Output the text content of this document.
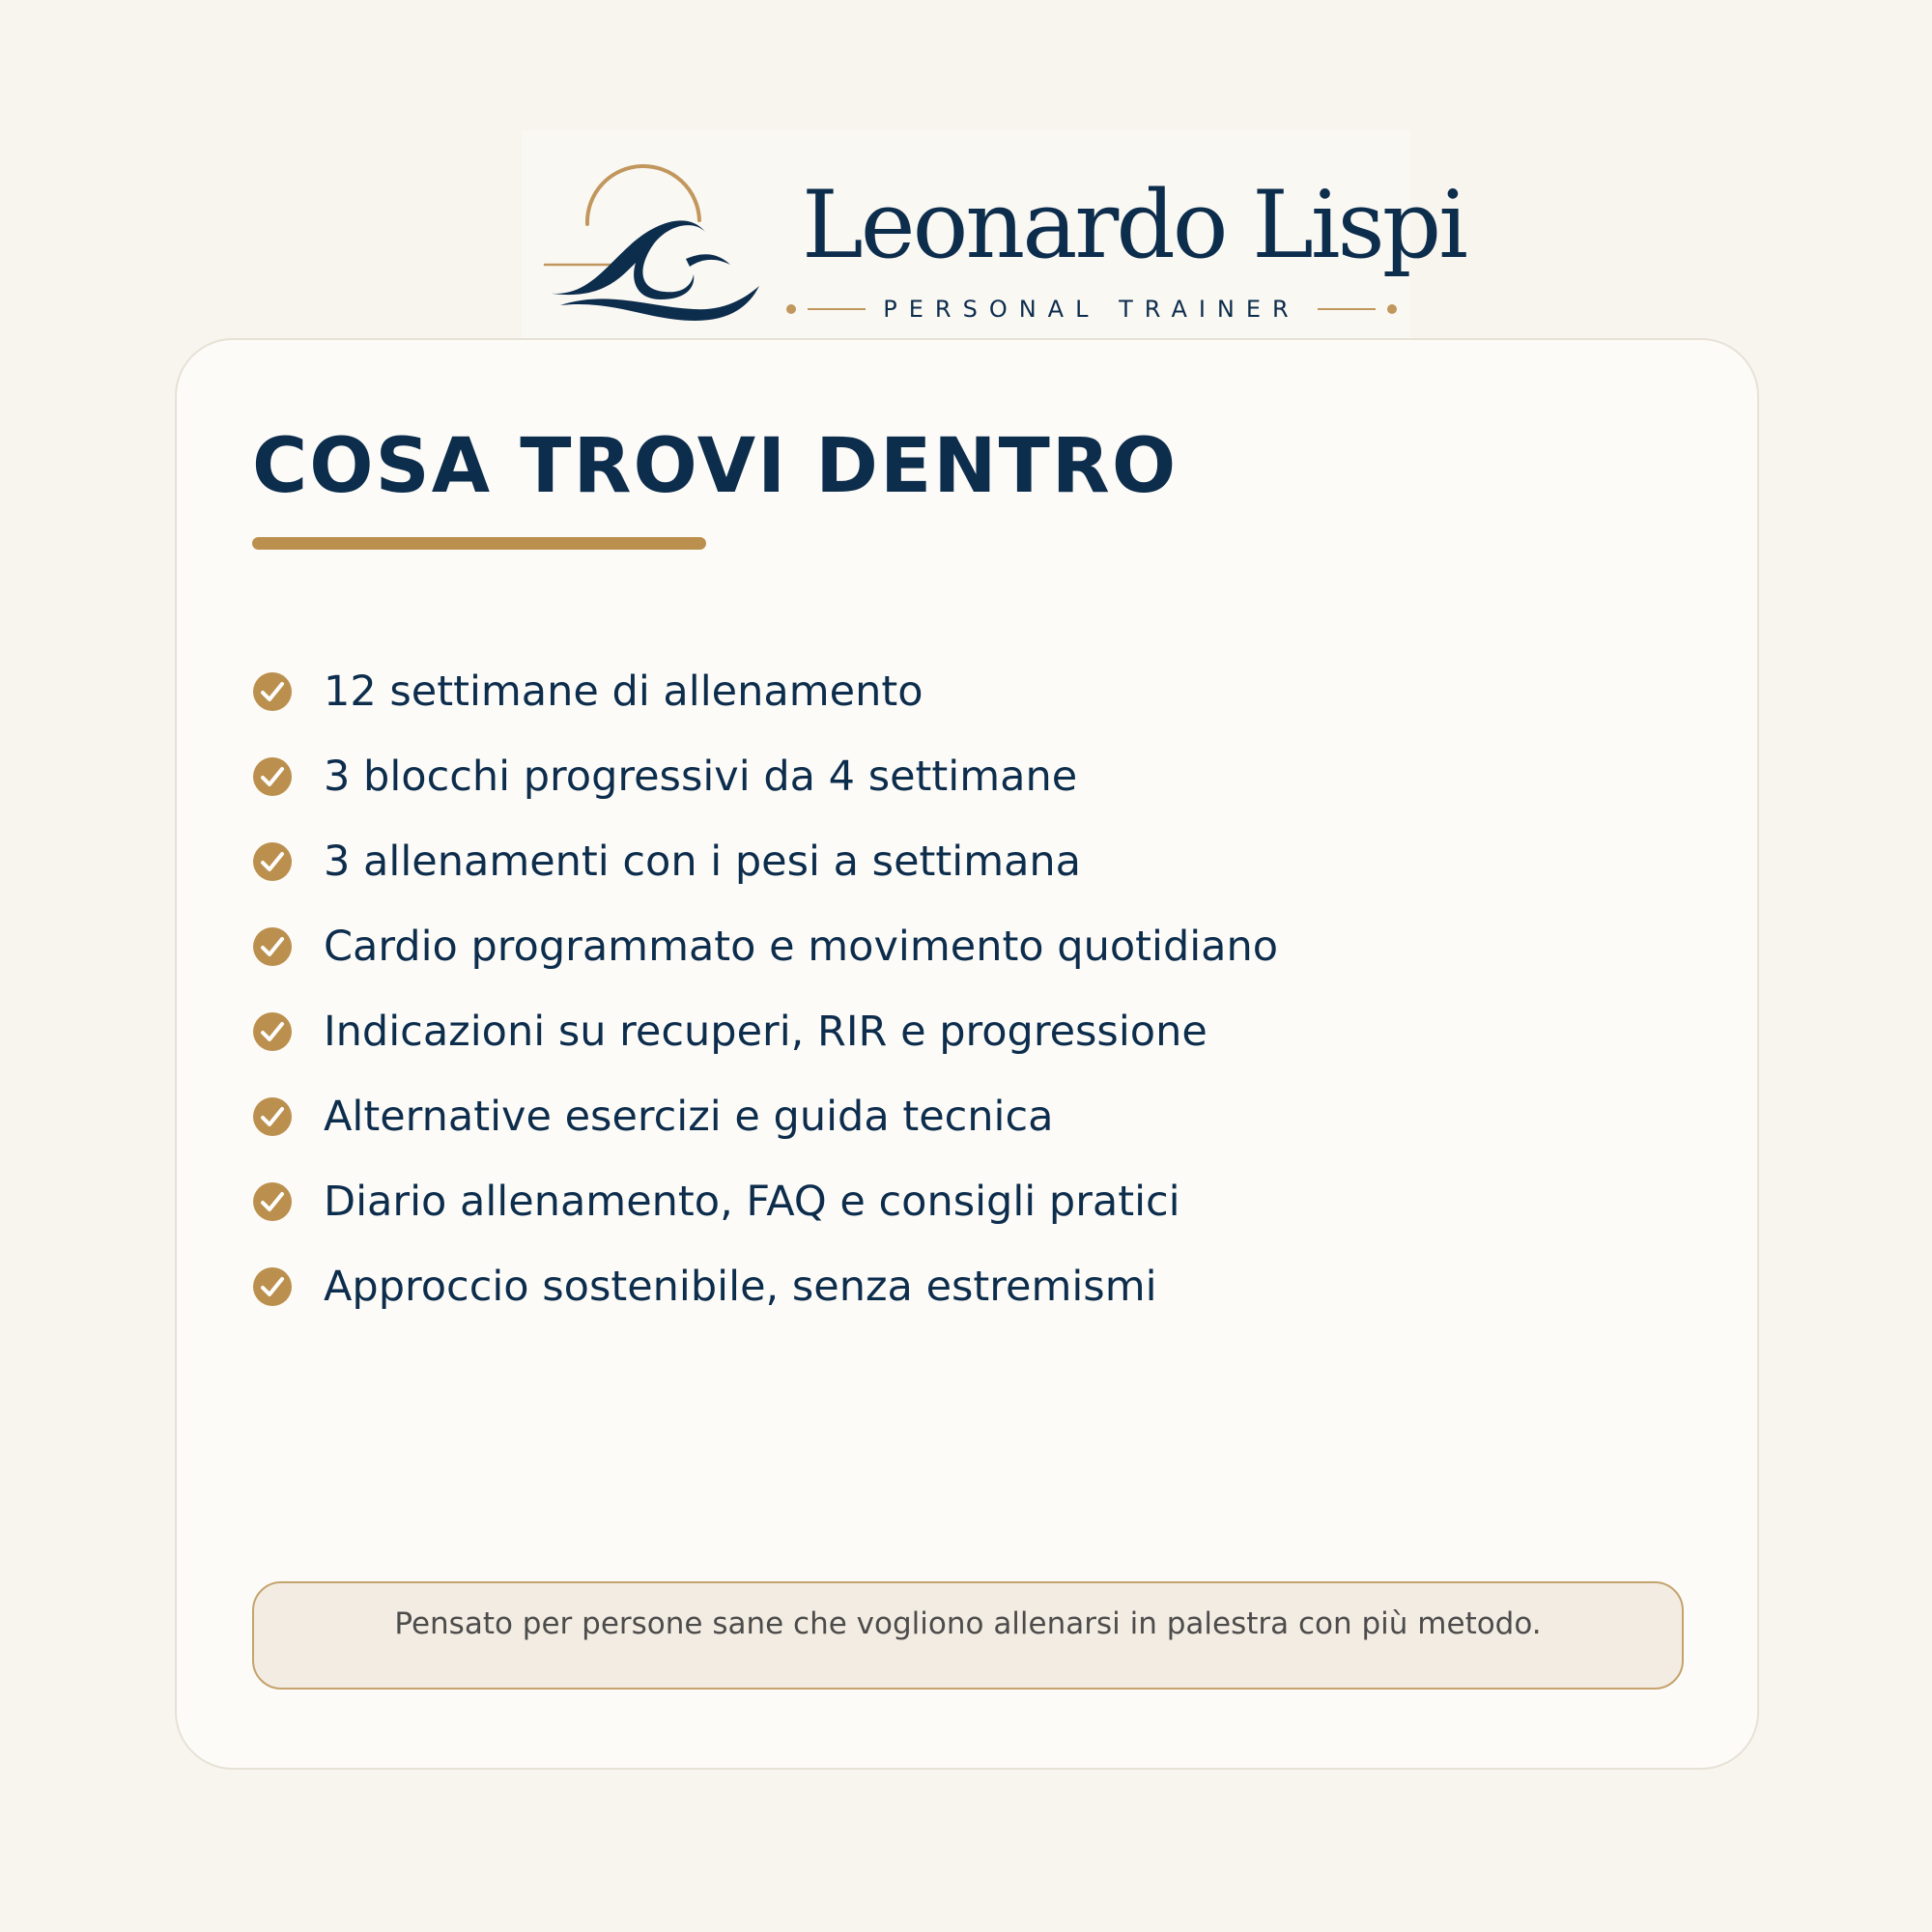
Leonardo Lispi
PERSONAL TRAINER
COSA TROVI DENTRO
12 settimane di allenamento
3 blocchi progressivi da 4 settimane
3 allenamenti con i pesi a settimana
Cardio programmato e movimento quotidiano
Indicazioni su recuperi, RIR e progressione
Alternative esercizi e guida tecnica
Diario allenamento, FAQ e consigli pratici
Approccio sostenibile, senza estremismi
Pensato per persone sane che vogliono allenarsi in palestra con più metodo.
